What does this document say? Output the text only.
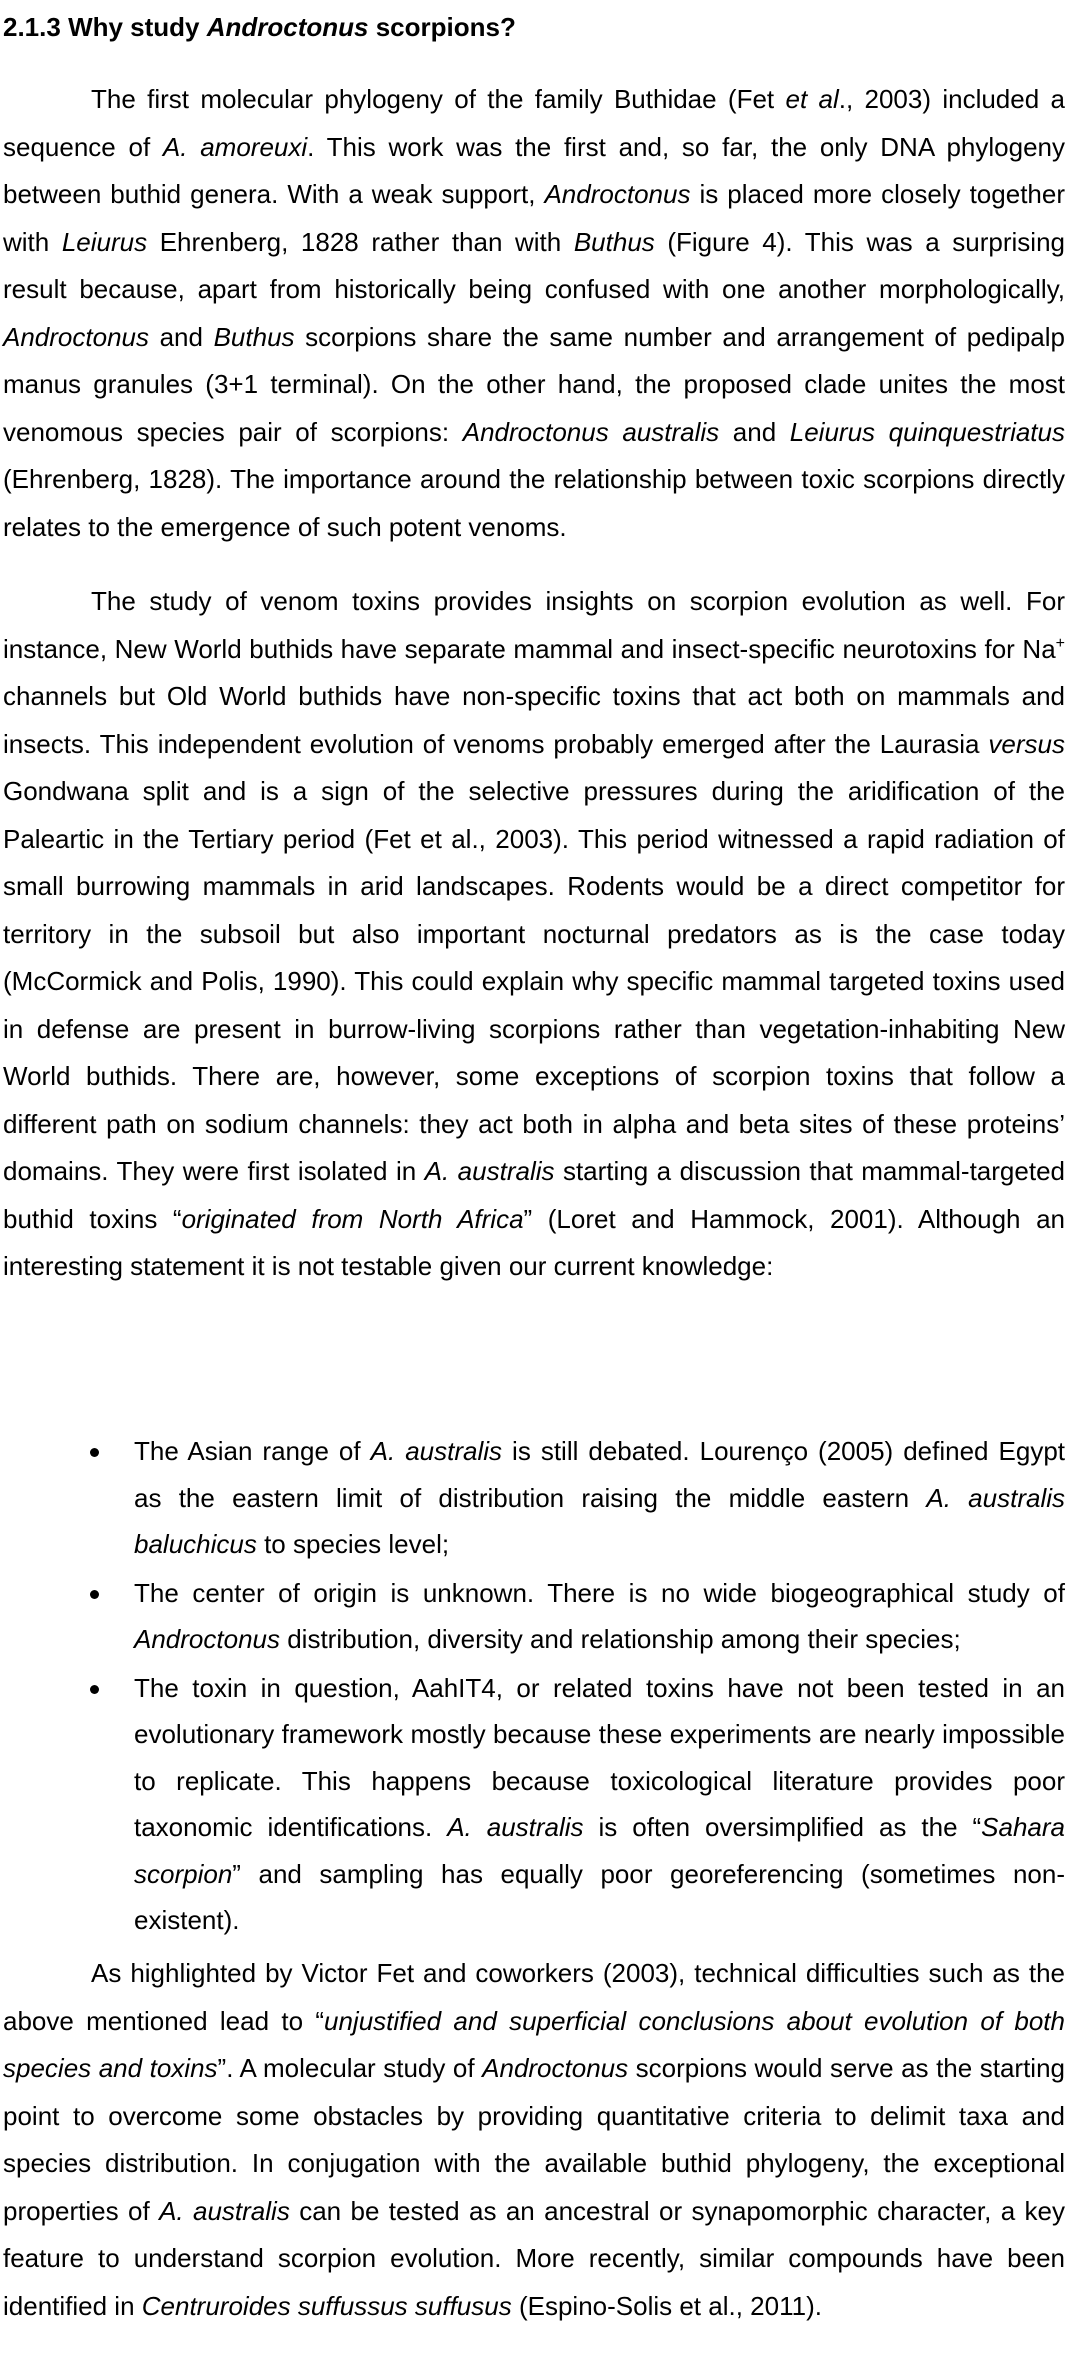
2.1.3 Why study Androctonus scorpions?

The first molecular phylogeny of the family Buthidae (Fet et al., 2003) included a sequence of A. amoreuxi. This work was the first and, so far, the only DNA phylogeny between buthid genera. With a weak support, Androctonus is placed more closely together with Leiurus Ehrenberg, 1828 rather than with Buthus (Figure 4). This was a surprising result because, apart from historically being confused with one another morphologically, Androctonus and Buthus scorpions share the same number and arrangement of pedipalp manus granules (3+1 terminal). On the other hand, the proposed clade unites the most venomous species pair of scorpions: Androctonus australis and Leiurus quinquestriatus (Ehrenberg, 1828). The importance around the relationship between toxic scorpions directly relates to the emergence of such potent venoms.

The study of venom toxins provides insights on scorpion evolution as well. For instance, New World buthids have separate mammal and insect-specific neurotoxins for Na+ channels but Old World buthids have non-specific toxins that act both on mammals and insects. This independent evolution of venoms probably emerged after the Laurasia versus Gondwana split and is a sign of the selective pressures during the aridification of the Paleartic in the Tertiary period (Fet et al., 2003). This period witnessed a rapid radiation of small burrowing mammals in arid landscapes. Rodents would be a direct competitor for territory in the subsoil but also important nocturnal predators as is the case today (McCormick and Polis, 1990). This could explain why specific mammal targeted toxins used in defense are present in burrow-living scorpions rather than vegetation-inhabiting New World buthids. There are, however, some exceptions of scorpion toxins that follow a different path on sodium channels: they act both in alpha and beta sites of these proteins’ domains. They were first isolated in A. australis starting a discussion that mammal-targeted buthid toxins “originated from North Africa” (Loret and Hammock, 2001). Although an interesting statement it is not testable given our current knowledge:

The Asian range of A. australis is still debated. Lourenço (2005) defined Egypt as the eastern limit of distribution raising the middle eastern A. australis baluchicus to species level;
The center of origin is unknown. There is no wide biogeographical study of Androctonus distribution, diversity and relationship among their species;
The toxin in question, AahIT4, or related toxins have not been tested in an evolutionary framework mostly because these experiments are nearly impossible to replicate. This happens because toxicological literature provides poor taxonomic identifications. A. australis is often oversimplified as the “Sahara scorpion” and sampling has equally poor georeferencing (sometimes non-existent).

As highlighted by Victor Fet and coworkers (2003), technical difficulties such as the above mentioned lead to “unjustified and superficial conclusions about evolution of both species and toxins”. A molecular study of Androctonus scorpions would serve as the starting point to overcome some obstacles by providing quantitative criteria to delimit taxa and species distribution. In conjugation with the available buthid phylogeny, the exceptional properties of A. australis can be tested as an ancestral or synapomorphic character, a key feature to understand scorpion evolution. More recently, similar compounds have been identified in Centruroides suffussus suffusus (Espino-Solis et al., 2011).
